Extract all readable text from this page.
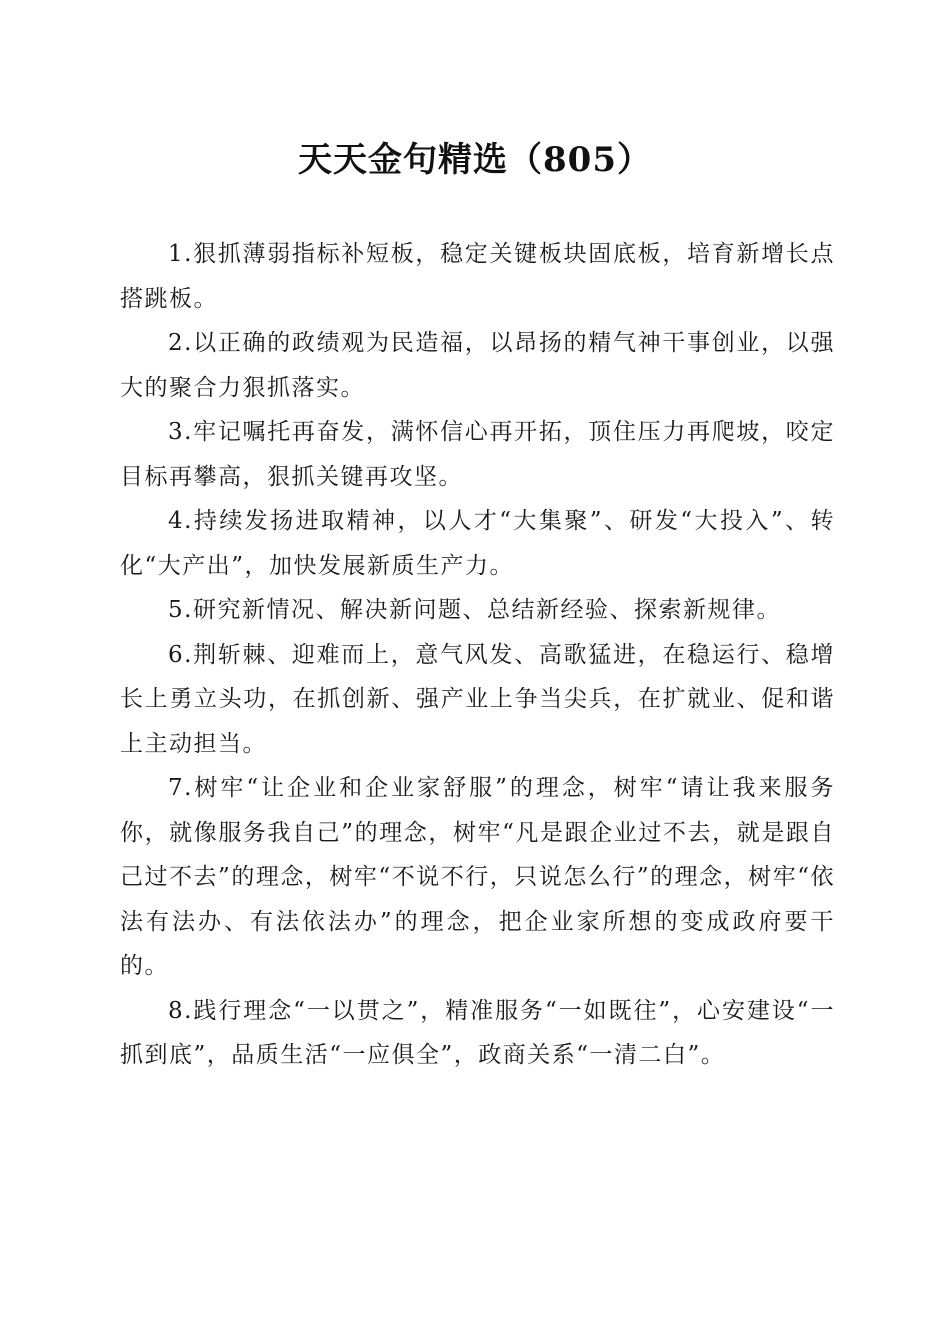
天天金句精选（805）

1.狠抓薄弱指标补短板，稳定关键板块固底板，培育新增长点搭跳板。

2.以正确的政绩观为民造福，以昂扬的精气神干事创业，以强大的聚合力狠抓落实。

3.牢记嘱托再奋发，满怀信心再开拓，顶住压力再爬坡，咬定目标再攀高，狠抓关键再攻坚。

4.持续发扬进取精神，以人才“大集聚”、研发“大投入”、转化“大产出”，加快发展新质生产力。

5.研究新情况、解决新问题、总结新经验、探索新规律。

6.荆斩棘、迎难而上，意气风发、高歌猛进，在稳运行、稳增长上勇立头功，在抓创新、强产业上争当尖兵，在扩就业、促和谐上主动担当。

7.树牢“让企业和企业家舒服”的理念，树牢“请让我来服务你，就像服务我自己”的理念，树牢“凡是跟企业过不去，就是跟自己过不去”的理念，树牢“不说不行，只说怎么行”的理念，树牢“依法有法办、有法依法办”的理念，把企业家所想的变成政府要干的。

8.践行理念“一以贯之”，精准服务“一如既往”，心安建设“一抓到底”，品质生活“一应俱全”，政商关系“一清二白”。
